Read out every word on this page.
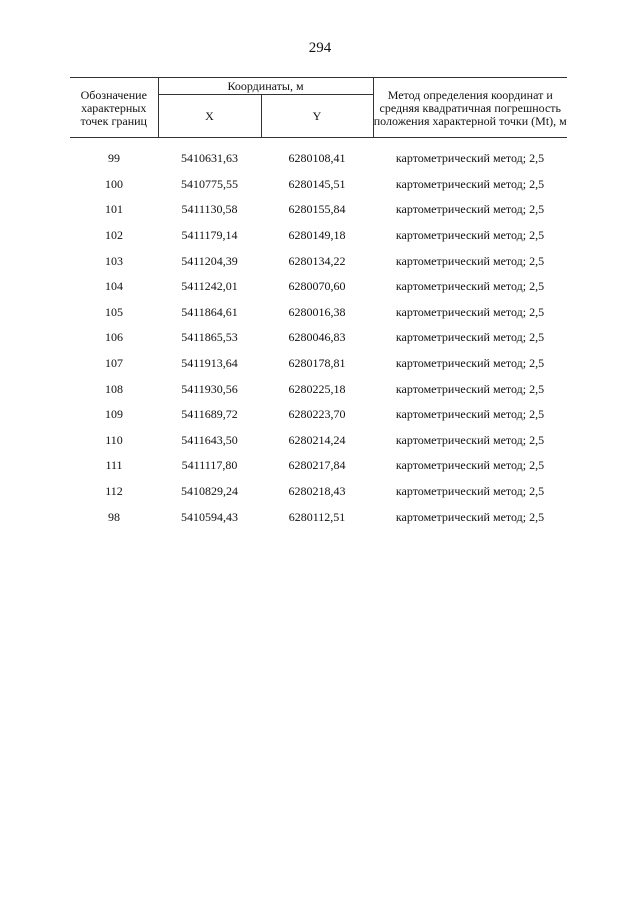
294
Обозначение характерных точек границ	Координаты, м		Метод определения координат и средняя квадратичная погрешность положения характерной точки (Мt), м
	X	Y	
99	5410631,63	6280108,41	картометрический метод; 2,5
100	5410775,55	6280145,51	картометрический метод; 2,5
101	5411130,58	6280155,84	картометрический метод; 2,5
102	5411179,14	6280149,18	картометрический метод; 2,5
103	5411204,39	6280134,22	картометрический метод; 2,5
104	5411242,01	6280070,60	картометрический метод; 2,5
105	5411864,61	6280016,38	картометрический метод; 2,5
106	5411865,53	6280046,83	картометрический метод; 2,5
107	5411913,64	6280178,81	картометрический метод; 2,5
108	5411930,56	6280225,18	картометрический метод; 2,5
109	5411689,72	6280223,70	картометрический метод; 2,5
110	5411643,50	6280214,24	картометрический метод; 2,5
111	5411117,80	6280217,84	картометрический метод; 2,5
112	5410829,24	6280218,43	картометрический метод; 2,5
98	5410594,43	6280112,51	картометрический метод; 2,5
